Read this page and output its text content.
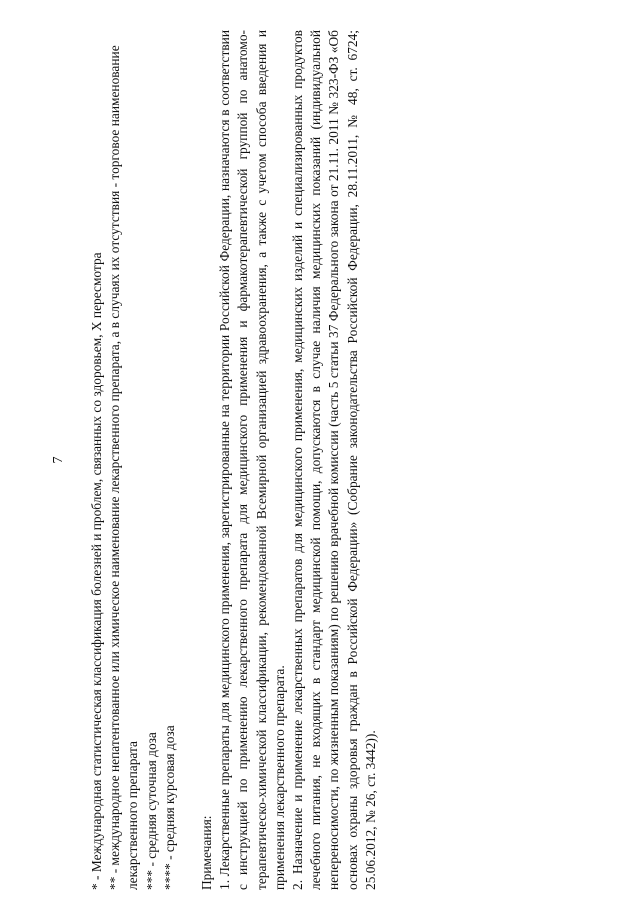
7

* - Международная статистическая классификация болезней и проблем, связанных со здоровьем, X пересмотра

** - международное непатентованное или химическое наименование лекарственного препарата, а в случаях их отсутствия - торговое наименование лекарственного препарата *** - средняя суточная доза

**** - средняя курсовая доза Примечания: 1. Лекарственные препараты для медицинского применения, зарегистрированные на территории Российской Федерации, назначаются в соответствии с инструкцией по применению лекарственного препарата для медицинского применения и фармакотерапевтической группой по анатомо-терапевтическо-химической классификации, рекомендованной Всемирной организацией здравоохранения, а также с учетом способа введения и применения лекарственного препарата. 2. Назначение и применение лекарственных препаратов для медицинского применения, медицинских изделий и специализированных продуктов лечебного питания, не входящих в стандарт медицинской помощи, допускаются в случае наличия медицинских показаний (индивидуальной непереносимости, по жизненным показаниям) по решению врачебной комиссии (часть 5 статьи 37 Федерального закона от 21.11. 2011 № 323-ФЗ «Об основах охраны здоровья граждан в Российской Федерации» (Собрание законодательства Российской Федерации, 28.11.2011, № 48, ст. 6724; 25.06.2012, № 26, ст. 3442)).
